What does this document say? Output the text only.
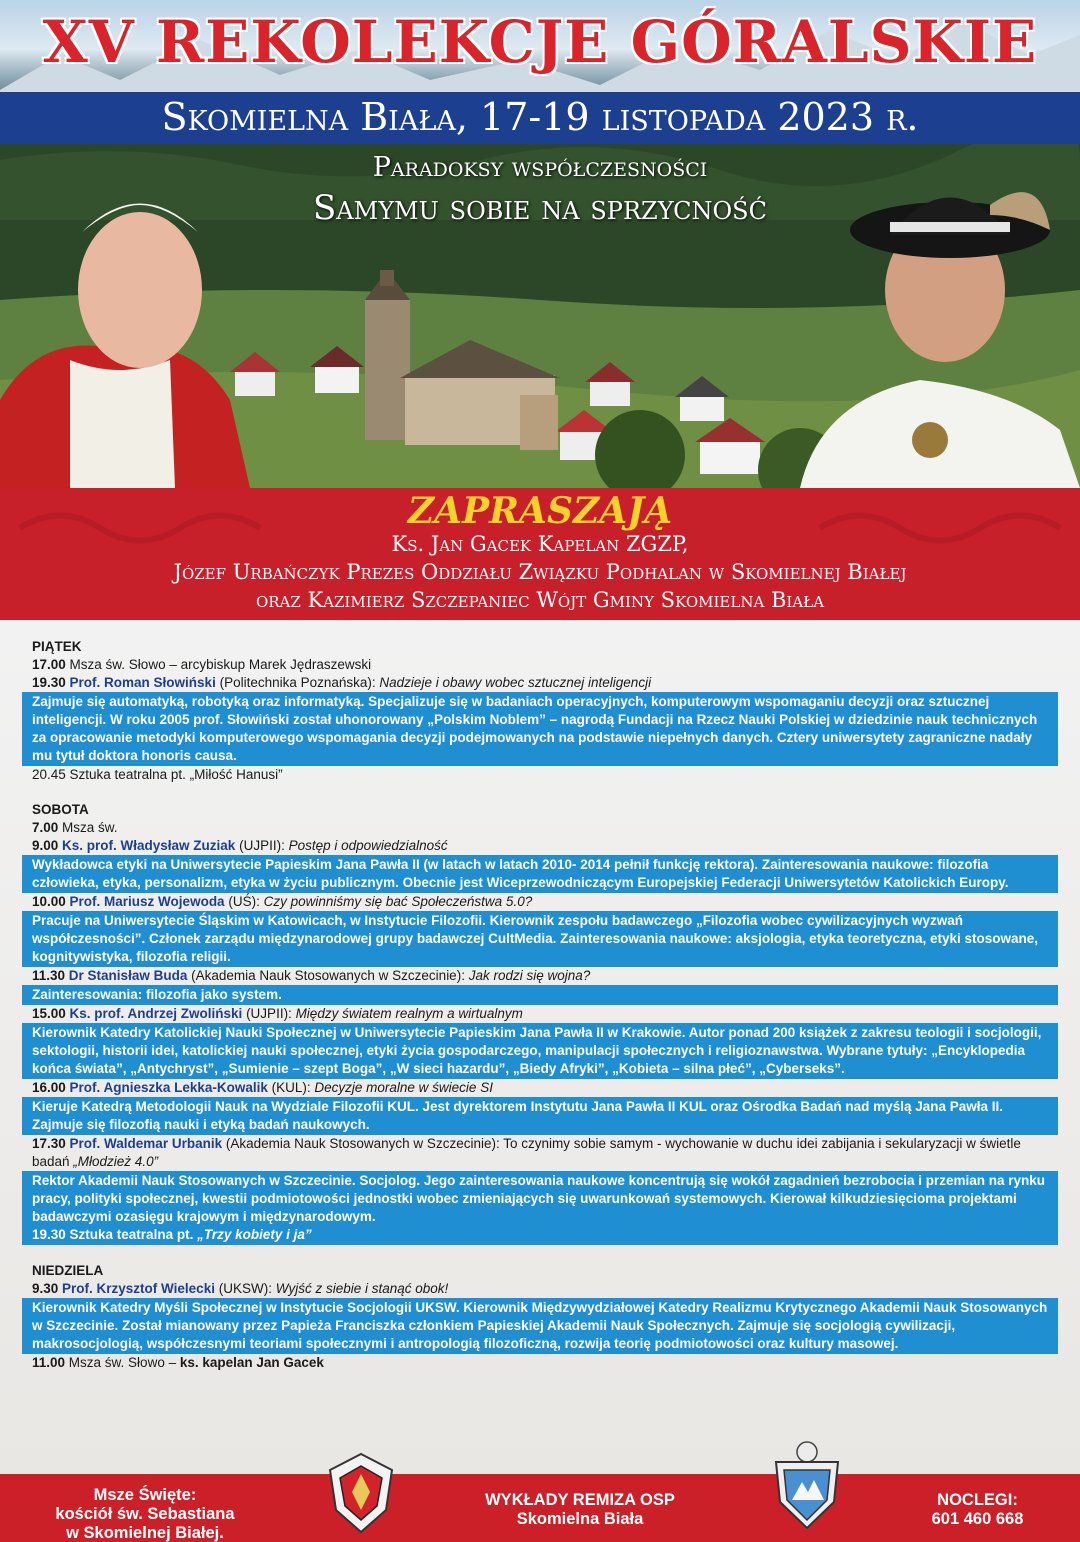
XV REKOLEKCJE GÓRALSKIE
Skomielna Biała, 17-19 listopada 2023 r.
Paradoksy współczesności
Samymu sobie na sprzycność
ZAPRASZAJĄ
Ks. Jan Gacek Kapelan ZGZP,
Józef Urbańczyk Prezes Oddziału Związku Podhalan w Skomielnej Białej
oraz Kazimierz Szczepaniec Wójt Gminy Skomielna Biała
PIĄTEK
17.00 Msza św. Słowo – arcybiskup Marek Jędraszewski
19.30 Prof. Roman Słowiński (Politechnika Poznańska): Nadzieje i obawy wobec sztucznej inteligencji
Zajmuje się automatyką, robotyką oraz informatyką. Specjalizuje się w badaniach operacyjnych, komputerowym wspomaganiu decyzji oraz sztucznej inteligencji. W roku 2005 prof. Słowiński został uhonorowany „Polskim Noblem” – nagrodą Fundacji na Rzecz Nauki Polskiej w dziedzinie nauk technicznych za opracowanie metodyki komputerowego wspomagania decyzji podejmowanych na podstawie niepełnych danych. Cztery uniwersytety zagraniczne nadały mu tytuł doktora honoris causa.
20.45 Sztuka teatralna pt. „Miłość Hanusi”
SOBOTA
7.00 Msza św.
9.00 Ks. prof. Władysław Zuziak (UJPII): Postęp i odpowiedzialność
Wykładowca etyki na Uniwersytecie Papieskim Jana Pawła II (w latach w latach 2010- 2014 pełnił funkcję rektora). Zainteresowania naukowe: filozofia człowieka, etyka, personalizm, etyka w życiu publicznym. Obecnie jest Wiceprzewodniczącym Europejskiej Federacji Uniwersytetów Katolickich Europy.
10.00 Prof. Mariusz Wojewoda (UŚ): Czy powinniśmy się bać Społeczeństwa 5.0?
Pracuje na Uniwersytecie Śląskim w Katowicach, w Instytucie Filozofii. Kierownik zespołu badawczego „Filozofia wobec cywilizacyjnych wyzwań współczesności”. Członek zarządu międzynarodowej grupy badawczej CultMedia. Zainteresowania naukowe: aksjologia, etyka teoretyczna, etyki stosowane, kognitywistyka, filozofia religii.
11.30 Dr Stanisław Buda (Akademia Nauk Stosowanych w Szczecinie): Jak rodzi się wojna?
Zainteresowania: filozofia jako system.
15.00 Ks. prof. Andrzej Zwoliński (UJPII): Między światem realnym a wirtualnym
Kierownik Katedry Katolickiej Nauki Społecznej w Uniwersytecie Papieskim Jana Pawła II w Krakowie. Autor ponad 200 książek z zakresu teologii i socjologii, sektologii, historii idei, katolickiej nauki społecznej, etyki życia gospodarczego, manipulacji społecznych i religioznawstwa. Wybrane tytuły: „Encyklopedia końca świata”, „Antychryst”, „Sumienie – szept Boga”, „W sieci hazardu”, „Biedy Afryki”, „Kobieta – silna płeć”, „Cyberseks”.
16.00 Prof. Agnieszka Lekka-Kowalik (KUL): Decyzje moralne w świecie SI
Kieruje Katedrą Metodologii Nauk na Wydziale Filozofii KUL. Jest dyrektorem Instytutu Jana Pawła II KUL oraz Ośrodka Badań nad myślą Jana Pawła II. Zajmuje się filozofią nauki i etyką badań naukowych.
17.30 Prof. Waldemar Urbanik (Akademia Nauk Stosowanych w Szczecinie): To czynimy sobie samym - wychowanie w duchu idei zabijania i sekularyzacji w świetle badań „Młodzież 4.0”
Rektor Akademii Nauk Stosowanych w Szczecinie. Socjolog. Jego zainteresowania naukowe koncentrują się wokół zagadnień bezrobocia i przemian na rynku pracy, polityki społecznej, kwestii podmiotowości jednostki wobec zmieniających się uwarunkowań systemowych. Kierował kilkudziesięcioma projektami badawczymi ozasięgu krajowym i międzynarodowym.
19.30 Sztuka teatralna pt. „Trzy kobiety i ja”
NIEDZIELA
9.30 Prof. Krzysztof Wielecki (UKSW): Wyjść z siebie i stanąć obok!
Kierownik Katedry Myśli Społecznej w Instytucie Socjologii UKSW. Kierownik Międzywydziałowej Katedry Realizmu Krytycznego Akademii Nauk Stosowanych w Szczecinie. Został mianowany przez Papieża Franciszka członkiem Papieskiej Akademii Nauk Społecznych. Zajmuje się socjologią cywilizacji, makrosocjologią, współczesnymi teoriami społecznymi i antropologią filozoficzną, rozwija teorię podmiotowości oraz kultury masowej.
11.00 Msza św. Słowo – ks. kapelan Jan Gacek
Msze Święte:
kościół św. Sebastiana
w Skomielnej Białej.
WYKŁADY REMIZA OSP
Skomielna Biała
NOCLEGI:
601 460 668
